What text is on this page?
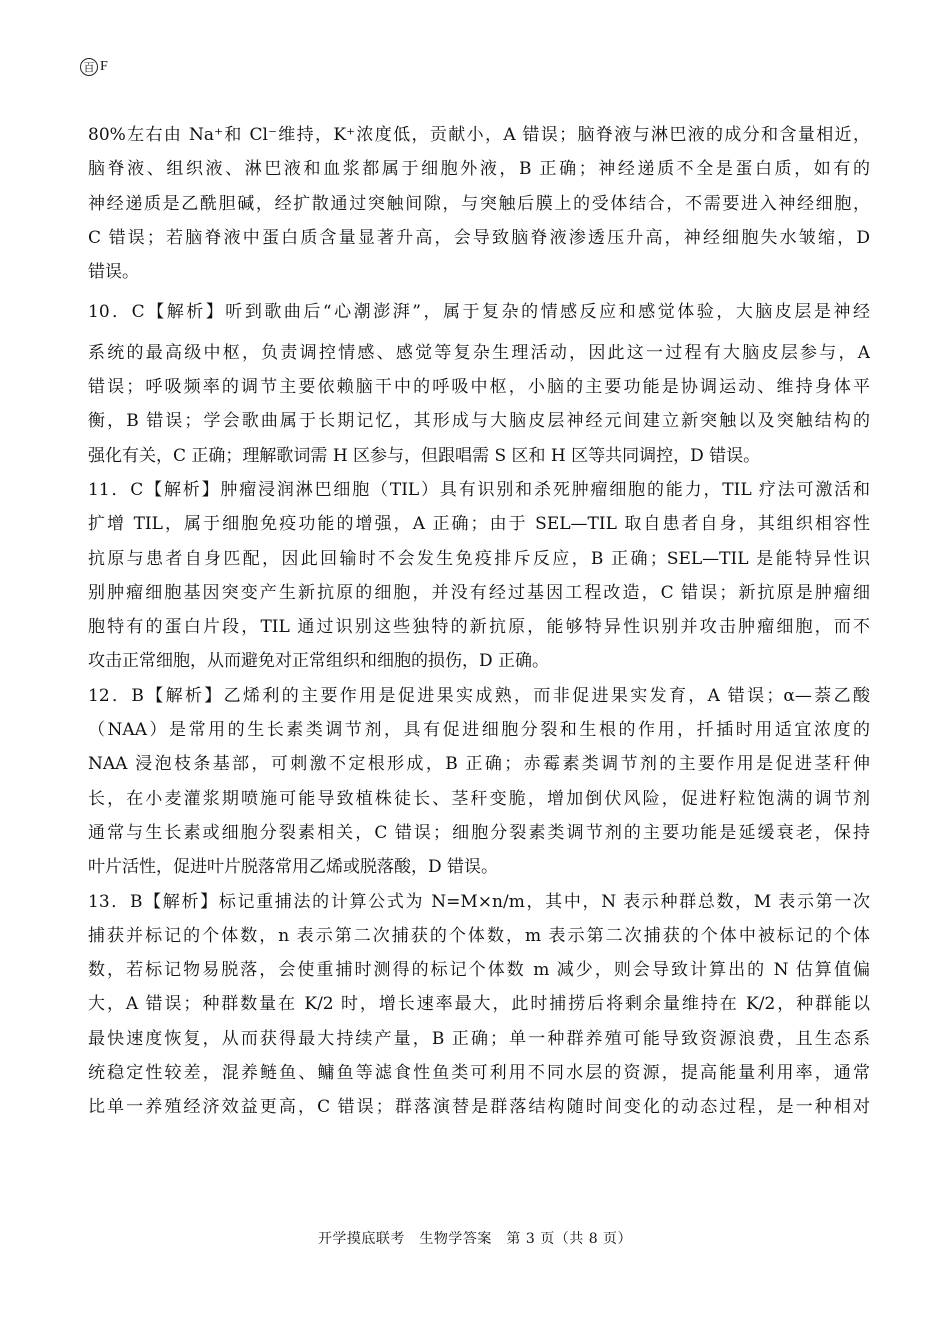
百 F
80%左右由 Na⁺和 Cl⁻维持，K⁺浓度低，贡献小，A 错误；脑脊液与淋巴液的成分和含量相近，
脑脊液、组织液、淋巴液和血浆都属于细胞外液，B 正确；神经递质不全是蛋白质，如有的
神经递质是乙酰胆碱，经扩散通过突触间隙，与突触后膜上的受体结合，不需要进入神经细胞，
C 错误；若脑脊液中蛋白质含量显著升高，会导致脑脊液渗透压升高，神经细胞失水皱缩，D
错误。
10．C【解析】听到歌曲后“心潮澎湃”，属于复杂的情感反应和感觉体验，大脑皮层是神经
系统的最高级中枢，负责调控情感、感觉等复杂生理活动，因此这一过程有大脑皮层参与，A
错误；呼吸频率的调节主要依赖脑干中的呼吸中枢，小脑的主要功能是协调运动、维持身体平
衡，B 错误；学会歌曲属于长期记忆，其形成与大脑皮层神经元间建立新突触以及突触结构的
强化有关，C 正确；理解歌词需 H 区参与，但跟唱需 S 区和 H 区等共同调控，D 错误。
11．C【解析】肿瘤浸润淋巴细胞（TIL）具有识别和杀死肿瘤细胞的能力，TIL 疗法可激活和
扩增 TIL，属于细胞免疫功能的增强，A 正确；由于 SEL—TIL 取自患者自身，其组织相容性
抗原与患者自身匹配，因此回输时不会发生免疫排斥反应，B 正确；SEL—TIL 是能特异性识
别肿瘤细胞基因突变产生新抗原的细胞，并没有经过基因工程改造，C 错误；新抗原是肿瘤细
胞特有的蛋白片段，TIL 通过识别这些独特的新抗原，能够特异性识别并攻击肿瘤细胞，而不
攻击正常细胞，从而避免对正常组织和细胞的损伤，D 正确。
12．B【解析】乙烯利的主要作用是促进果实成熟，而非促进果实发育，A 错误；α—萘乙酸
（NAA）是常用的生长素类调节剂，具有促进细胞分裂和生根的作用，扦插时用适宜浓度的
NAA 浸泡枝条基部，可刺激不定根形成，B 正确；赤霉素类调节剂的主要作用是促进茎秆伸
长，在小麦灌浆期喷施可能导致植株徒长、茎秆变脆，增加倒伏风险，促进籽粒饱满的调节剂
通常与生长素或细胞分裂素相关，C 错误；细胞分裂素类调节剂的主要功能是延缓衰老，保持
叶片活性，促进叶片脱落常用乙烯或脱落酸，D 错误。
13．B【解析】标记重捕法的计算公式为 N=M×n/m，其中，N 表示种群总数，M 表示第一次
捕获并标记的个体数，n 表示第二次捕获的个体数，m 表示第二次捕获的个体中被标记的个体
数，若标记物易脱落，会使重捕时测得的标记个体数 m 减少，则会导致计算出的 N 估算值偏
大，A 错误；种群数量在 K/2 时，增长速率最大，此时捕捞后将剩余量维持在 K/2，种群能以
最快速度恢复，从而获得最大持续产量，B 正确；单一种群养殖可能导致资源浪费，且生态系
统稳定性较差，混养鲢鱼、鳙鱼等滤食性鱼类可利用不同水层的资源，提高能量利用率，通常
比单一养殖经济效益更高，C 错误；群落演替是群落结构随时间变化的动态过程，是一种相对
开学摸底联考　生物学答案　第 3 页（共 8 页）
